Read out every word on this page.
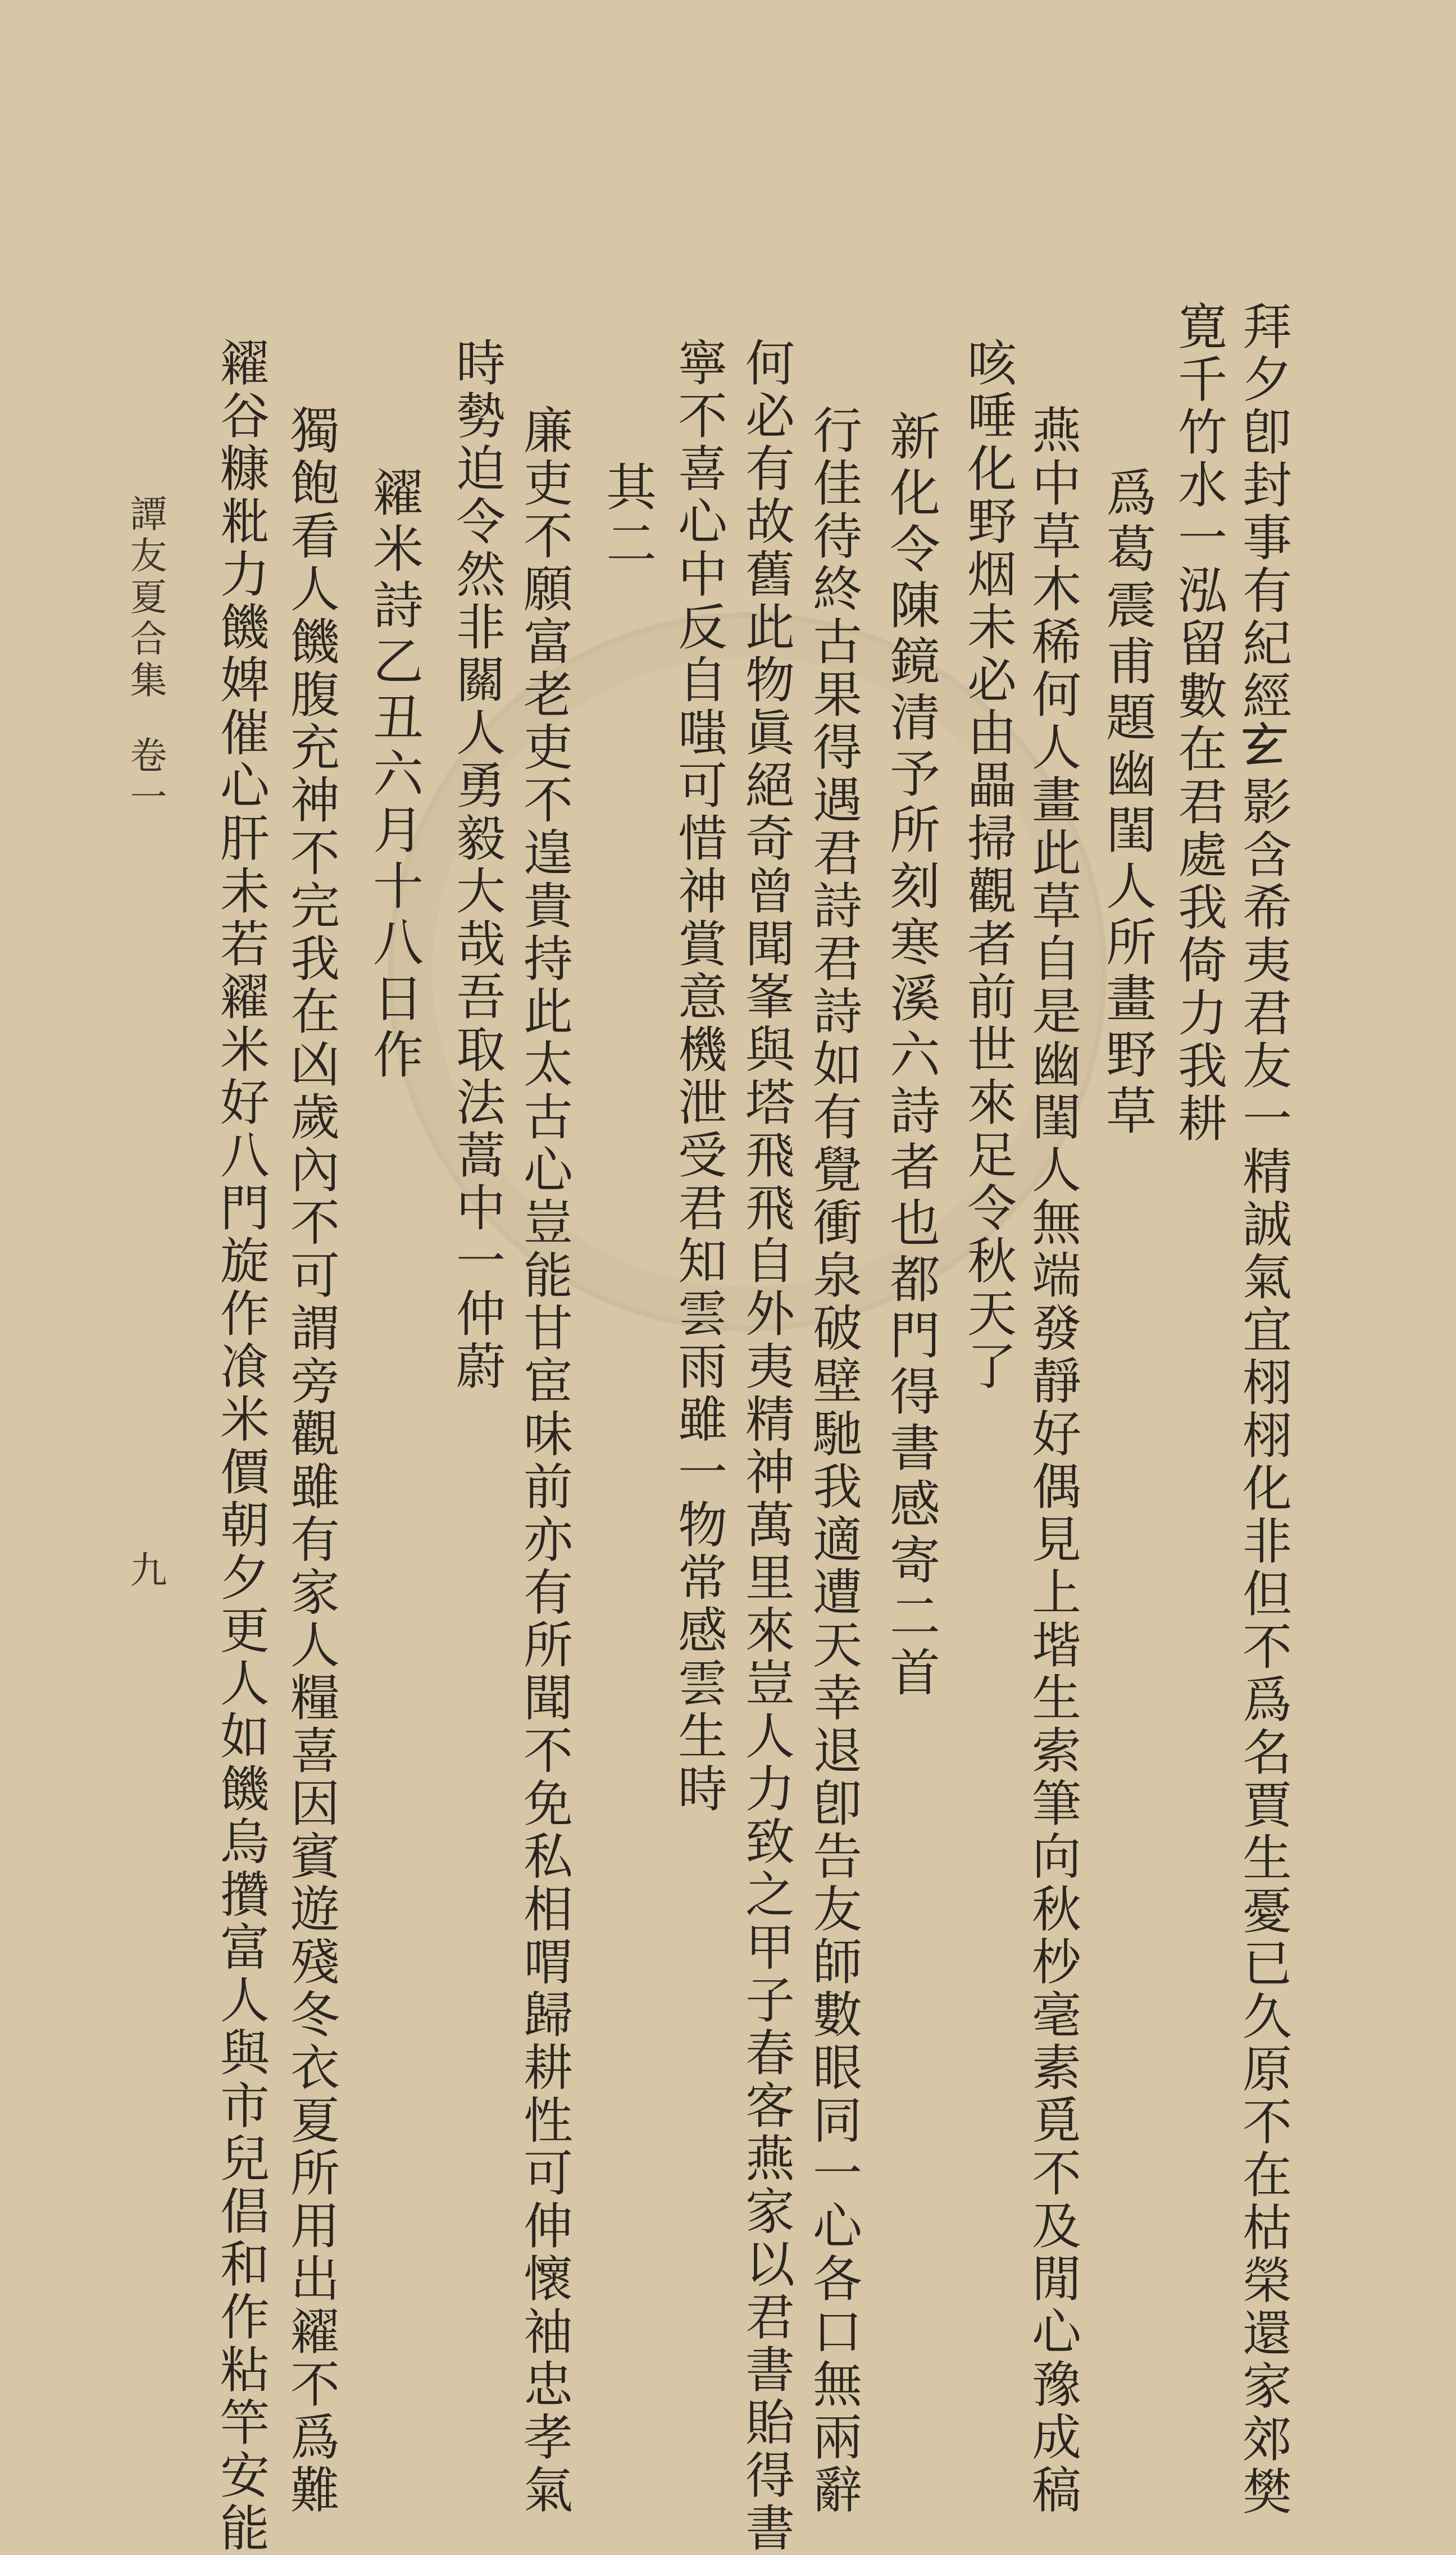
拜夕卽封事有紀經𤣥影含希夷君友一精誠氣宜栩栩化非但不爲名賈生憂已久原不在枯榮還家郊樊
寛千竹水一泓留數在君處我倚力我耕
爲葛震甫題幽閨人所畫野草
燕中草木稀何人畫此草自是幽閨人無端發靜好偶見上堦生索筆向秋杪毫素覓不及閒心豫成稿
咳唾化野烟未必由畾掃觀者前世來足令秋天了
新化令陳鏡清予所刻寒溪六詩者也都門得書感寄二首
行佳待終古果得遇君詩君詩如有覺衝泉破壁馳我適遭天幸退卽告友師數眼同一心各口無兩辭
何必有故舊此物眞絕奇曾聞峯與塔飛飛自外夷精神萬里來豈人力致之甲子春客燕家以君書貽得書
寧不喜心中反自嗤可惜神賞意機泄受君知雲雨雖一物常感雲生時
其二
廉吏不願富老吏不遑貴持此太古心豈能甘宦味前亦有所聞不免私相喟歸耕性可伸懷袖忠孝氣
時勢迫令然非關人勇毅大哉吾取法蒿中一仲蔚
糴米詩乙丑六月十八日作
獨飽看人饑腹充神不完我在凶歲內不可謂旁觀雖有家人糧喜因賓遊殘冬衣夏所用出糴不爲難
糴谷糠粃力饑婢催心肝未若糴米好八門旋作飡米價朝夕更人如饑烏攢富人與市兒倡和作粘竿安能
譚友夏合集卷一
九
